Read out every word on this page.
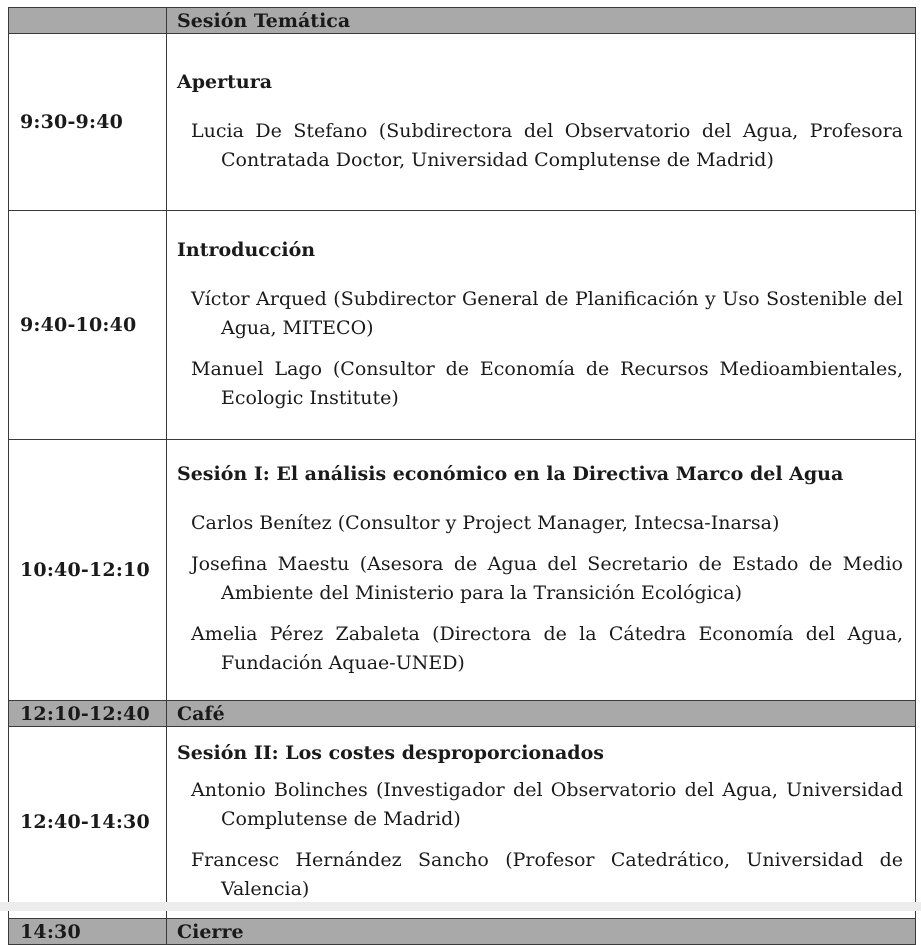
	Sesión Temática

9:30-9:40	Apertura

Lucia De Stefano (Subdirectora del Observatorio del Agua, Profesora Contratada Doctor, Universidad Complutense de Madrid)

9:40-10:40	Introducción

Víctor Arqued (Subdirector General de Planificación y Uso Sostenible del Agua, MITECO)

Manuel Lago (Consultor de Economía de Recursos Medioambientales, Ecologic Institute)

10:40-12:10	Sesión I: El análisis económico en la Directiva Marco del Agua

Carlos Benítez (Consultor y Project Manager, Intecsa-Inarsa)

Josefina Maestu (Asesora de Agua del Secretario de Estado de Medio Ambiente del Ministerio para la Transición Ecológica)

Amelia Pérez Zabaleta (Directora de la Cátedra Economía del Agua, Fundación Aquae-UNED)

12:10-12:40	Café

12:40-14:30	Sesión II: Los costes desproporcionados

Antonio Bolinches (Investigador del Observatorio del Agua, Universidad Complutense de Madrid)

Francesc Hernández Sancho (Profesor Catedrático, Universidad de Valencia)

14:30	Cierre
